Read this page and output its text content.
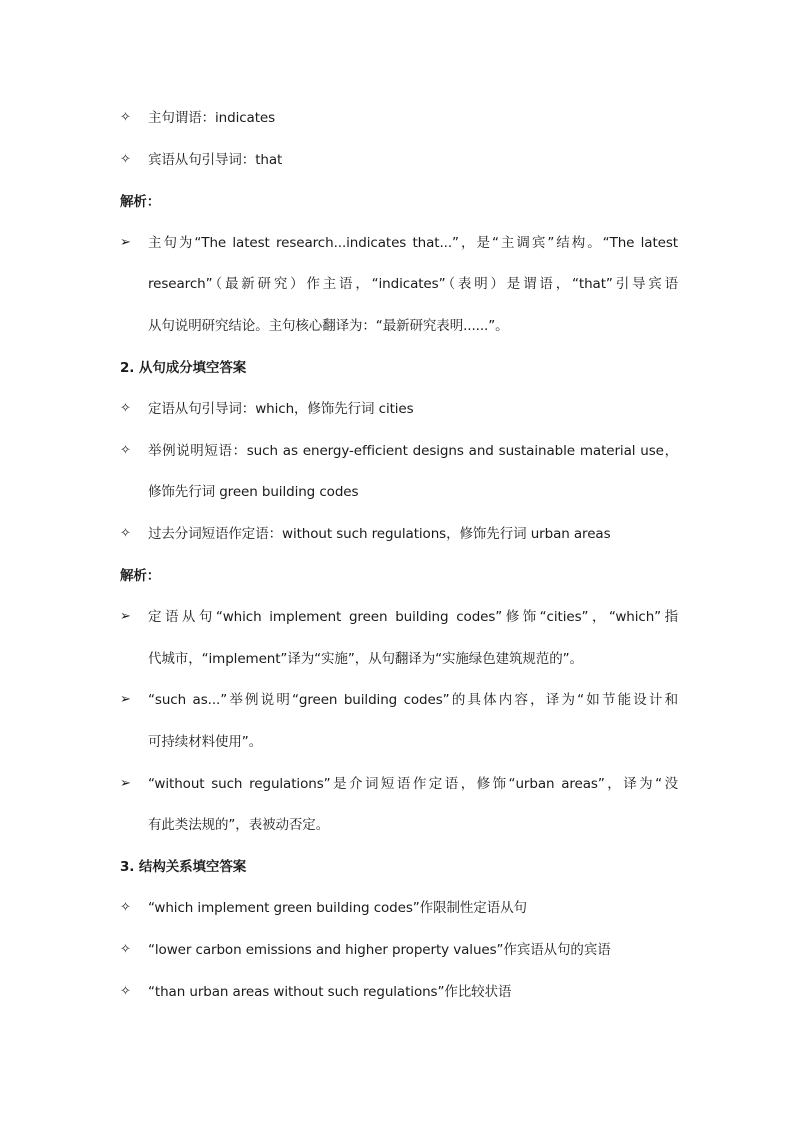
✧	主句谓语：indicates
✧	宾语从句引导词：that
解析：
➢	主句为“The latest research...indicates that...”，是“主调宾”结构。“The latest
research”（最新研究）作主语，“indicates”（表明）是谓语，“that”引导宾语
从句说明研究结论。主句核心翻译为：“最新研究表明......”。
2. 从句成分填空答案
✧	定语从句引导词：which，修饰先行词 cities
✧	举例说明短语：such as energy-efficient designs and sustainable material use，
修饰先行词 green building codes
✧	过去分词短语作定语：without such regulations，修饰先行词 urban areas
解析：
➢	定语从句“which implement green building codes”修饰“cities”，“which”指
代城市，“implement”译为“实施”，从句翻译为“实施绿色建筑规范的”。
➢	“such as...”举例说明“green building codes”的具体内容，译为“如节能设计和
可持续材料使用”。
➢	“without such regulations”是介词短语作定语，修饰“urban areas”，译为“没
有此类法规的”，表被动否定。
3. 结构关系填空答案
✧	“which implement green building codes”作限制性定语从句
✧	“lower carbon emissions and higher property values”作宾语从句的宾语
✧	“than urban areas without such regulations”作比较状语
